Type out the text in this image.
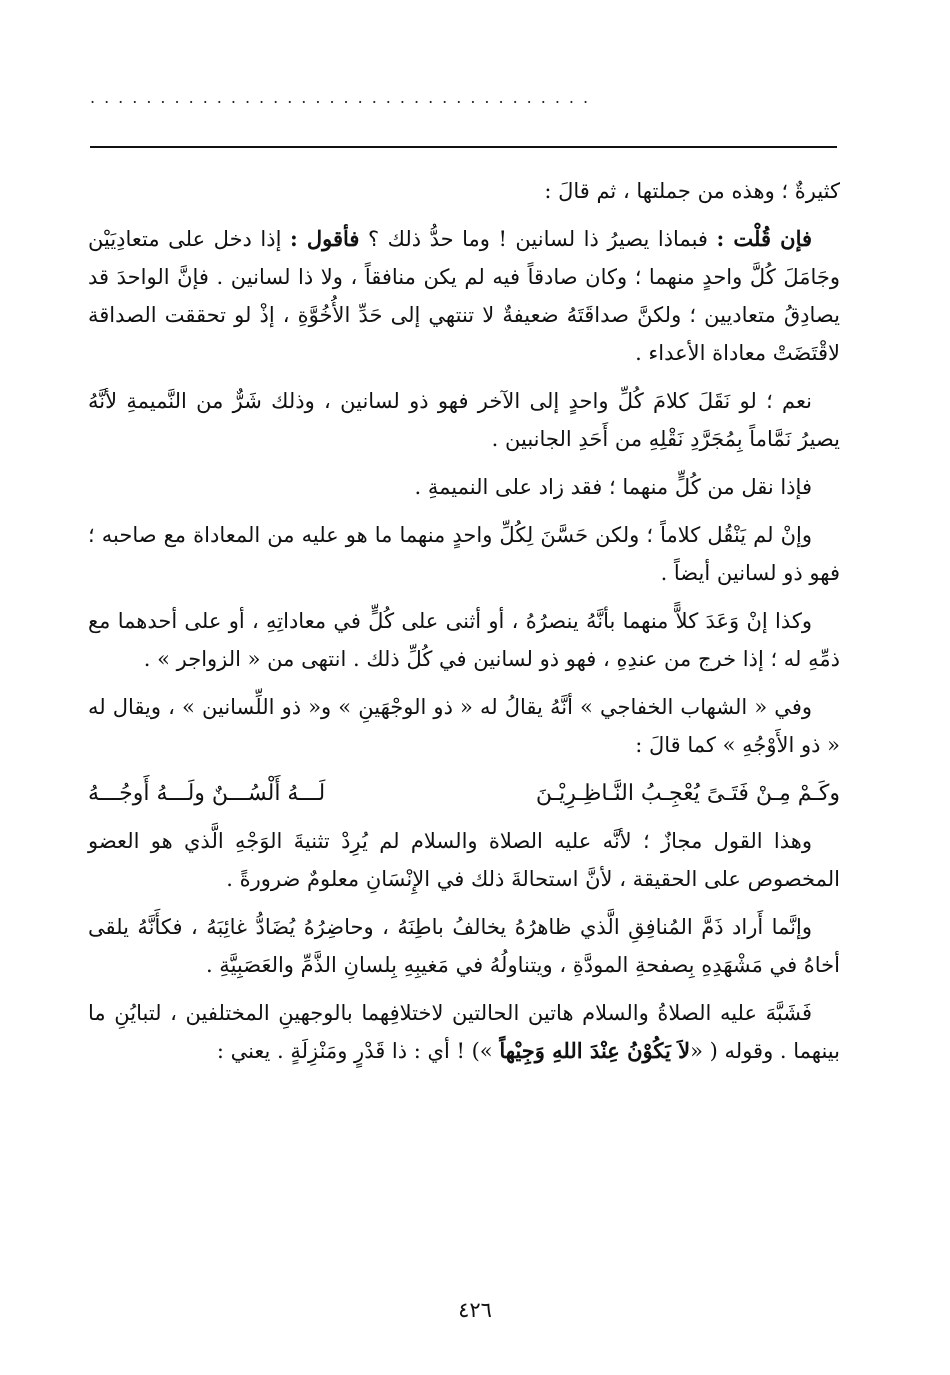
....................................

كثيرةٌ ؛ وهذه من جملتها ، ثم قالَ :

فإن قُلْت : فبماذا يصيرُ ذا لسانين ! وما حدُّ ذلك ؟ فأقول : إذا دخل على متعادِيَيْن وجَامَلَ كُلَّ واحدٍ منهما ؛ وكان صادقاً فيه لم يكن منافقاً ، ولا ذا لسانين . فإنَّ الواحدَ قد يصادِقُ متعاديين ؛ ولكنَّ صداقَتَهُ ضعيفةٌ لا تنتهي إلى حَدِّ الأُخُوَّةِ ، إذْ لو تحققت الصداقة لاقْتَضَتْ معاداة الأعداء .

نعم ؛ لو نَقَلَ كلامَ كُلِّ واحدٍ إلى الآخر فهو ذو لسانين ، وذلك شَرٌّ من النَّميمةِ لأنَّهُ يصيرُ نَمَّاماً بِمُجَرَّدِ نَقْلِهِ من أَحَدِ الجانبين .

فإذا نقل من كُلٍّ منهما ؛ فقد زاد على النميمةِ .

وإنْ لم يَنْقُل كلاماً ؛ ولكن حَسَّنَ لِكُلِّ واحدٍ منهما ما هو عليه من المعاداة مع صاحبه ؛ فهو ذو لسانين أيضاً .

وكذا إنْ وَعَدَ كلاًّ منهما بأنَّهُ ينصرُهُ ، أو أثنى على كُلٍّ في معاداتِهِ ، أو على أحدهما مع ذمِّهِ له ؛ إذا خرج من عندِهِ ، فهو ذو لسانين في كُلِّ ذلك . انتهى من « الزواجر » .

وفي « الشهاب الخفاجي » أنَّهُ يقالُ له « ذو الوجْهَينِ » و« ذو اللِّسانين » ، ويقال له « ذو الأَوْجُهِ » كما قالَ :

وكَـمْ مِـنْ فَتَـىً يُعْجِـبُ النَّـاظِـرِيْـنَ
لَـــهُ أَلْسُـــنٌ ولَـــهُ أَوجُـــهُ

وهذا القول مجازٌ ؛ لأنَّه عليه الصلاة والسلام لم يُرِدْ تثنيةَ الوَجْهِ الَّذي هو العضو المخصوص على الحقيقة ، لأنَّ استحالةَ ذلك في الإِنْسَانِ معلومٌ ضرورةً .

وإنَّما أَراد ذَمَّ المُنافِقِ الَّذي ظاهرُهُ يخالفُ باطِنَهُ ، وحاضِرُهُ يُضَادُّ غائِبَهُ ، فكأَنَّهُ يلقى أخاهُ في مَشْهَدِهِ بِصفحةِ المودَّةِ ، ويتناولُهُ في مَغيبِهِ بِلسانِ الذَّمِّ والعَصَبِيَّةِ .

فَشَبَّهَ عليه الصلاةُ والسلام هاتين الحالتين لاختلافِهما بالوجهينِ المختلفين ، لتبايُنِ ما بينهما . وقوله ( «لاَ يَكُوْنُ عِنْدَ اللهِ وَجِيْهاً ») ! أي : ذا قَدْرٍ ومَنْزِلَةٍ . يعني :

٤٢٦
